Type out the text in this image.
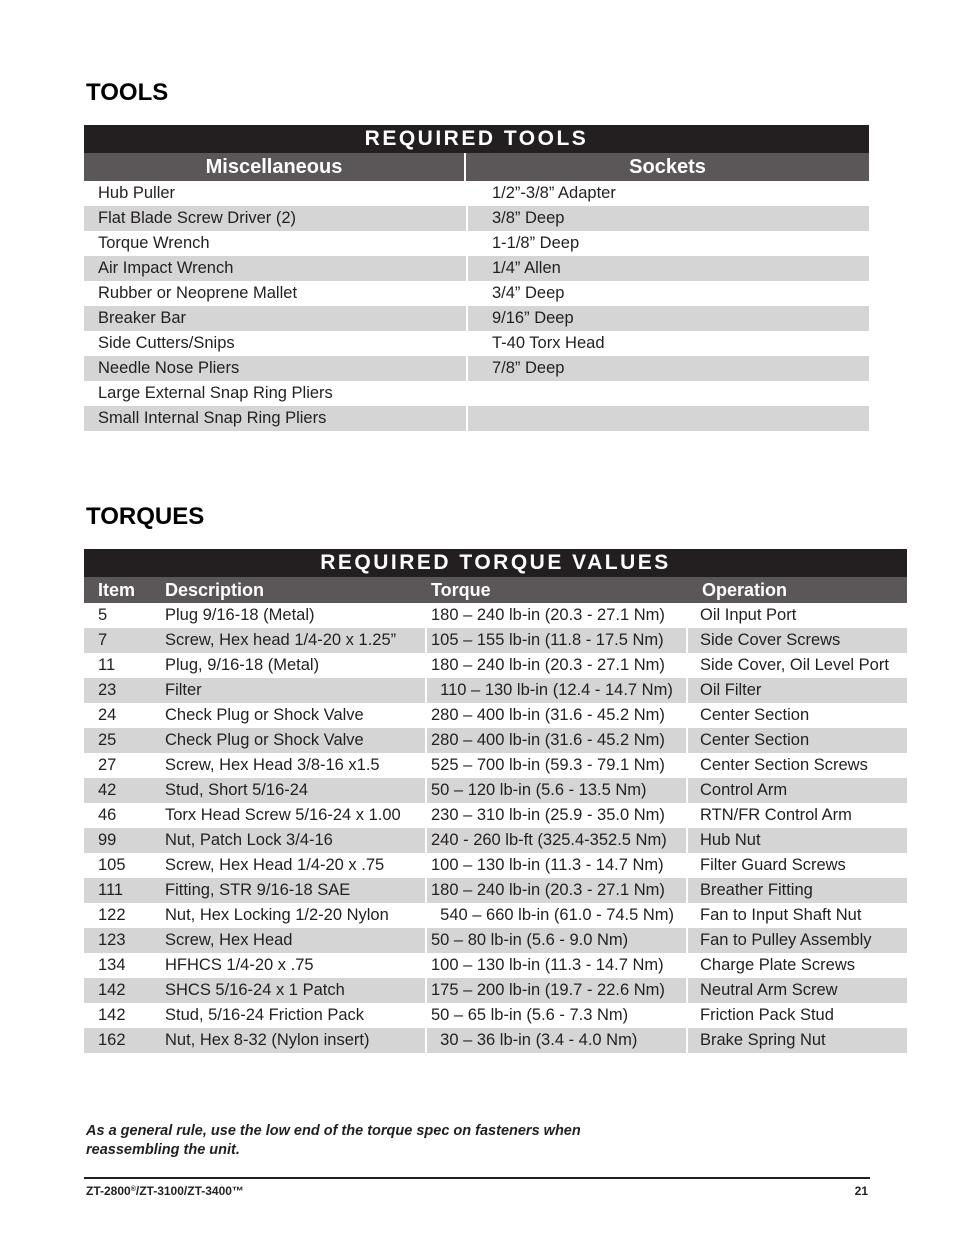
TOOLS
REQUIRED TOOLS
Miscellaneous	Sockets
Hub Puller	1/2”-3/8” Adapter
Flat Blade Screw Driver (2)	3/8” Deep
Torque Wrench	1-1/8” Deep
Air Impact Wrench	1/4” Allen
Rubber or Neoprene Mallet	3/4” Deep
Breaker Bar	9/16” Deep
Side Cutters/Snips	T-40 Torx Head
Needle Nose Pliers	7/8” Deep
Large External Snap Ring Pliers
Small Internal Snap Ring Pliers
TORQUES
REQUIRED TORQUE VALUES
Item	Description	Torque	Operation
5	Plug 9/16-18 (Metal)	180 – 240 lb-in (20.3 - 27.1 Nm)	Oil Input Port
7	Screw, Hex head 1/4-20 x 1.25”	105 – 155 lb-in (11.8 - 17.5 Nm)	Side Cover Screws
11	Plug, 9/16-18 (Metal)	180 – 240 lb-in (20.3 - 27.1 Nm)	Side Cover, Oil Level Port
23	Filter	110 – 130 lb-in (12.4 - 14.7 Nm)	Oil Filter
24	Check Plug or Shock Valve	280 – 400 lb-in (31.6 - 45.2 Nm)	Center Section
25	Check Plug or Shock Valve	280 – 400 lb-in (31.6 - 45.2 Nm)	Center Section
27	Screw, Hex Head 3/8-16 x1.5	525 – 700 lb-in (59.3 - 79.1 Nm)	Center Section Screws
42	Stud, Short 5/16-24	50 – 120 lb-in (5.6 - 13.5 Nm)	Control Arm
46	Torx Head Screw 5/16-24 x 1.00	230 – 310 lb-in (25.9 - 35.0 Nm)	RTN/FR Control Arm
99	Nut, Patch Lock 3/4-16	240 - 260 lb-ft (325.4-352.5 Nm)	Hub Nut
105	Screw, Hex Head 1/4-20 x .75	100 – 130 lb-in (11.3 - 14.7 Nm)	Filter Guard Screws
111	Fitting, STR 9/16-18 SAE	180 – 240 lb-in (20.3 - 27.1 Nm)	Breather Fitting
122	Nut, Hex Locking 1/2-20 Nylon	540 – 660 lb-in (61.0 - 74.5 Nm)	Fan to Input Shaft Nut
123	Screw, Hex Head	50 – 80 lb-in (5.6 - 9.0 Nm)	Fan to Pulley Assembly
134	HFHCS 1/4-20 x .75	100 – 130 lb-in (11.3 - 14.7 Nm)	Charge Plate Screws
142	SHCS 5/16-24 x 1 Patch	175 – 200 lb-in (19.7 - 22.6 Nm)	Neutral Arm Screw
142	Stud, 5/16-24 Friction Pack	50 – 65 lb-in (5.6 - 7.3 Nm)	Friction Pack Stud
162	Nut, Hex 8-32 (Nylon insert)	30 – 36 lb-in (3.4 - 4.0 Nm)	Brake Spring Nut

As a general rule, use the low end of the torque spec on fasteners when
reassembling the unit.

ZT-2800®/ZT-3100/ZT-3400™	21
